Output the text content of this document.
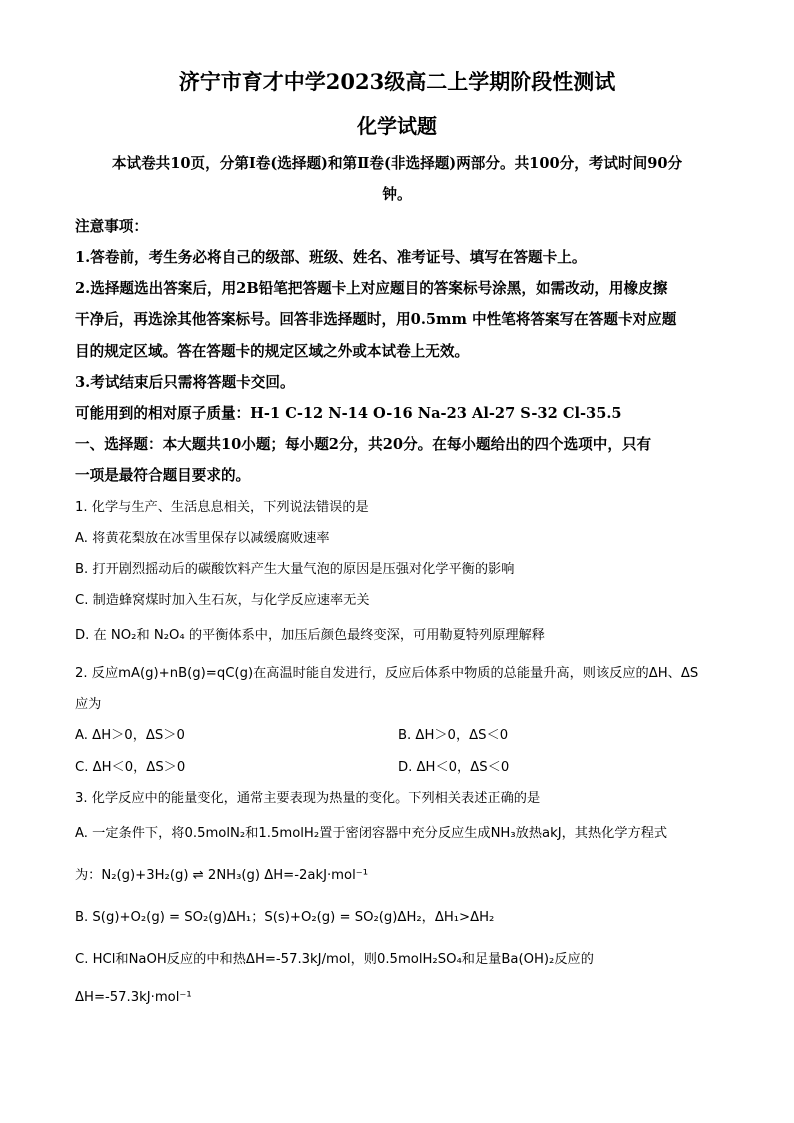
济宁市育才中学2023级高二上学期阶段性测试
化学试题
本试卷共10页，分第Ⅰ卷(选择题)和第Ⅱ卷(非选择题)两部分。共100分，考试时间90分
钟。
注意事项：
1.答卷前，考生务必将自己的级部、班级、姓名、准考证号、填写在答题卡上。
2.选择题选出答案后，用2B铅笔把答题卡上对应题目的答案标号涂黑，如需改动，用橡皮擦
干净后，再选涂其他答案标号。回答非选择题时，用0.5mm 中性笔将答案写在答题卡对应题
目的规定区域。答在答题卡的规定区域之外或本试卷上无效。
3.考试结束后只需将答题卡交回。
可能用到的相对原子质量：H-1 C-12 N-14 O-16 Na-23 Al-27 S-32 Cl-35.5
一、选择题：本大题共10小题；每小题2分，共20分。在每小题给出的四个选项中，只有
一项是最符合题目要求的。
1. 化学与生产、生活息息相关，下列说法错误的是
A. 将黄花梨放在冰雪里保存以减缓腐败速率
B. 打开剧烈摇动后的碳酸饮料产生大量气泡的原因是压强对化学平衡的影响
C. 制造蜂窝煤时加入生石灰，与化学反应速率无关
D. 在 NO₂和 N₂O₄ 的平衡体系中，加压后颜色最终变深，可用勒夏特列原理解释
2. 反应mA(g)+nB(g)=qC(g)在高温时能自发进行，反应后体系中物质的总能量升高，则该反应的ΔH、ΔS
应为
A. ΔH＞0，ΔS＞0	B. ΔH＞0，ΔS＜0
C. ΔH＜0，ΔS＞0	D. ΔH＜0，ΔS＜0
3. 化学反应中的能量变化，通常主要表现为热量的变化。下列相关表述正确的是
A. 一定条件下，将0.5molN₂和1.5molH₂置于密闭容器中充分反应生成NH₃放热akJ，其热化学方程式
为：N₂(g)+3H₂(g) ⇌ 2NH₃(g) ΔH=-2akJ·mol⁻¹
B. S(g)+O₂(g) = SO₂(g)ΔH₁；S(s)+O₂(g) = SO₂(g)ΔH₂，ΔH₁>ΔH₂
C. HCl和NaOH反应的中和热ΔH=-57.3kJ/mol，则0.5molH₂SO₄和足量Ba(OH)₂反应的
ΔH=-57.3kJ·mol⁻¹
